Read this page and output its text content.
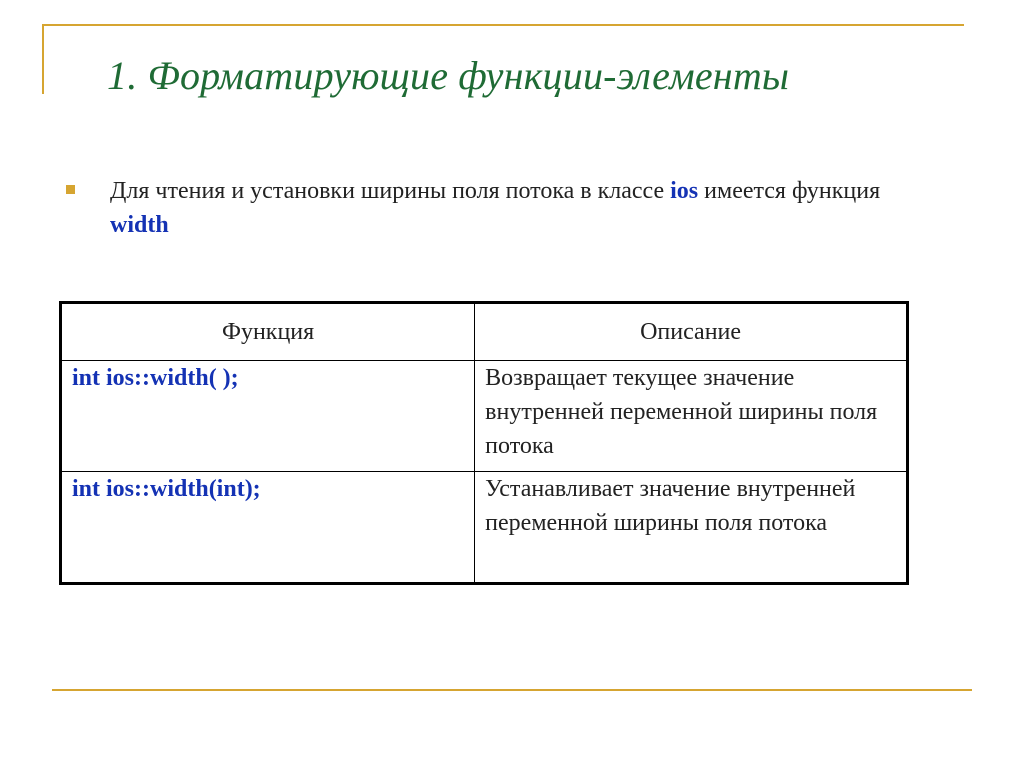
1. Форматирующие функции-элементы
Для чтения и установки ширины поля потока в классе ios имеется функция width
Функция	Описание
int ios::width( );	Возвращает текущее значение внутренней переменной ширины поля потока
int ios::width(int);	Устанавливает значение внутренней переменной ширины поля потока
